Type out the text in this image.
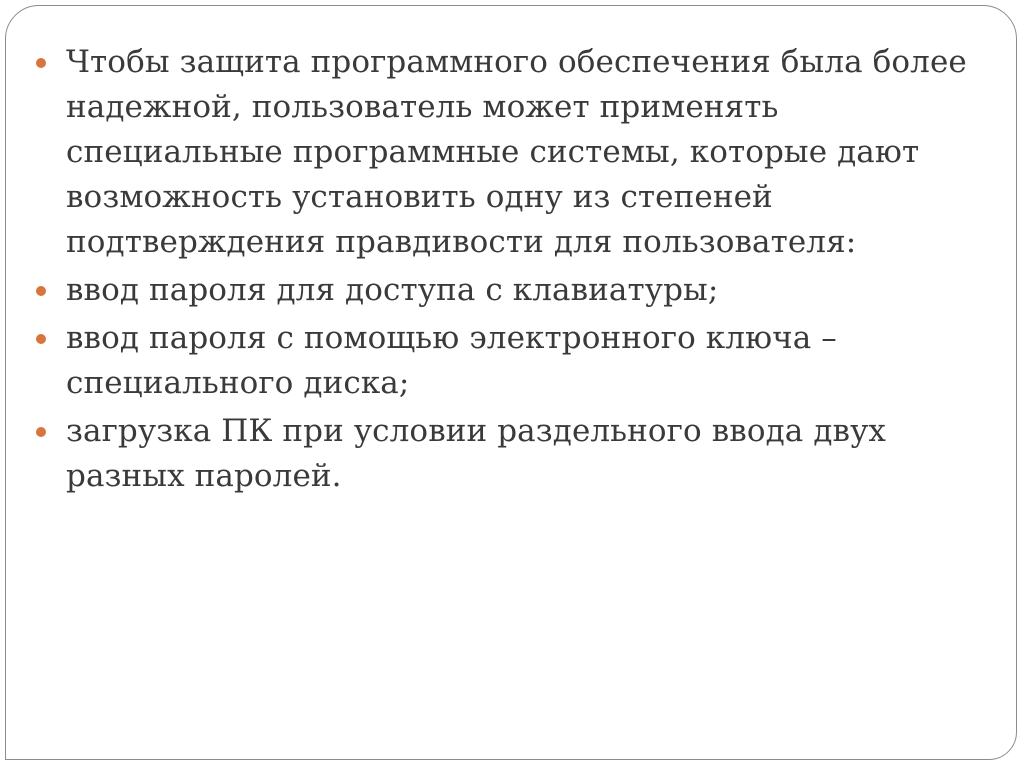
Чтобы защита программного обеспечения была более надежной, пользователь может применять специальные программные системы, которые дают возможность установить одну из степеней подтверждения правдивости для пользователя:
ввод пароля для доступа с клавиатуры;
ввод пароля с помощью электронного ключа – специального диска;
загрузка ПК при условии раздельного ввода двух разных паролей.
